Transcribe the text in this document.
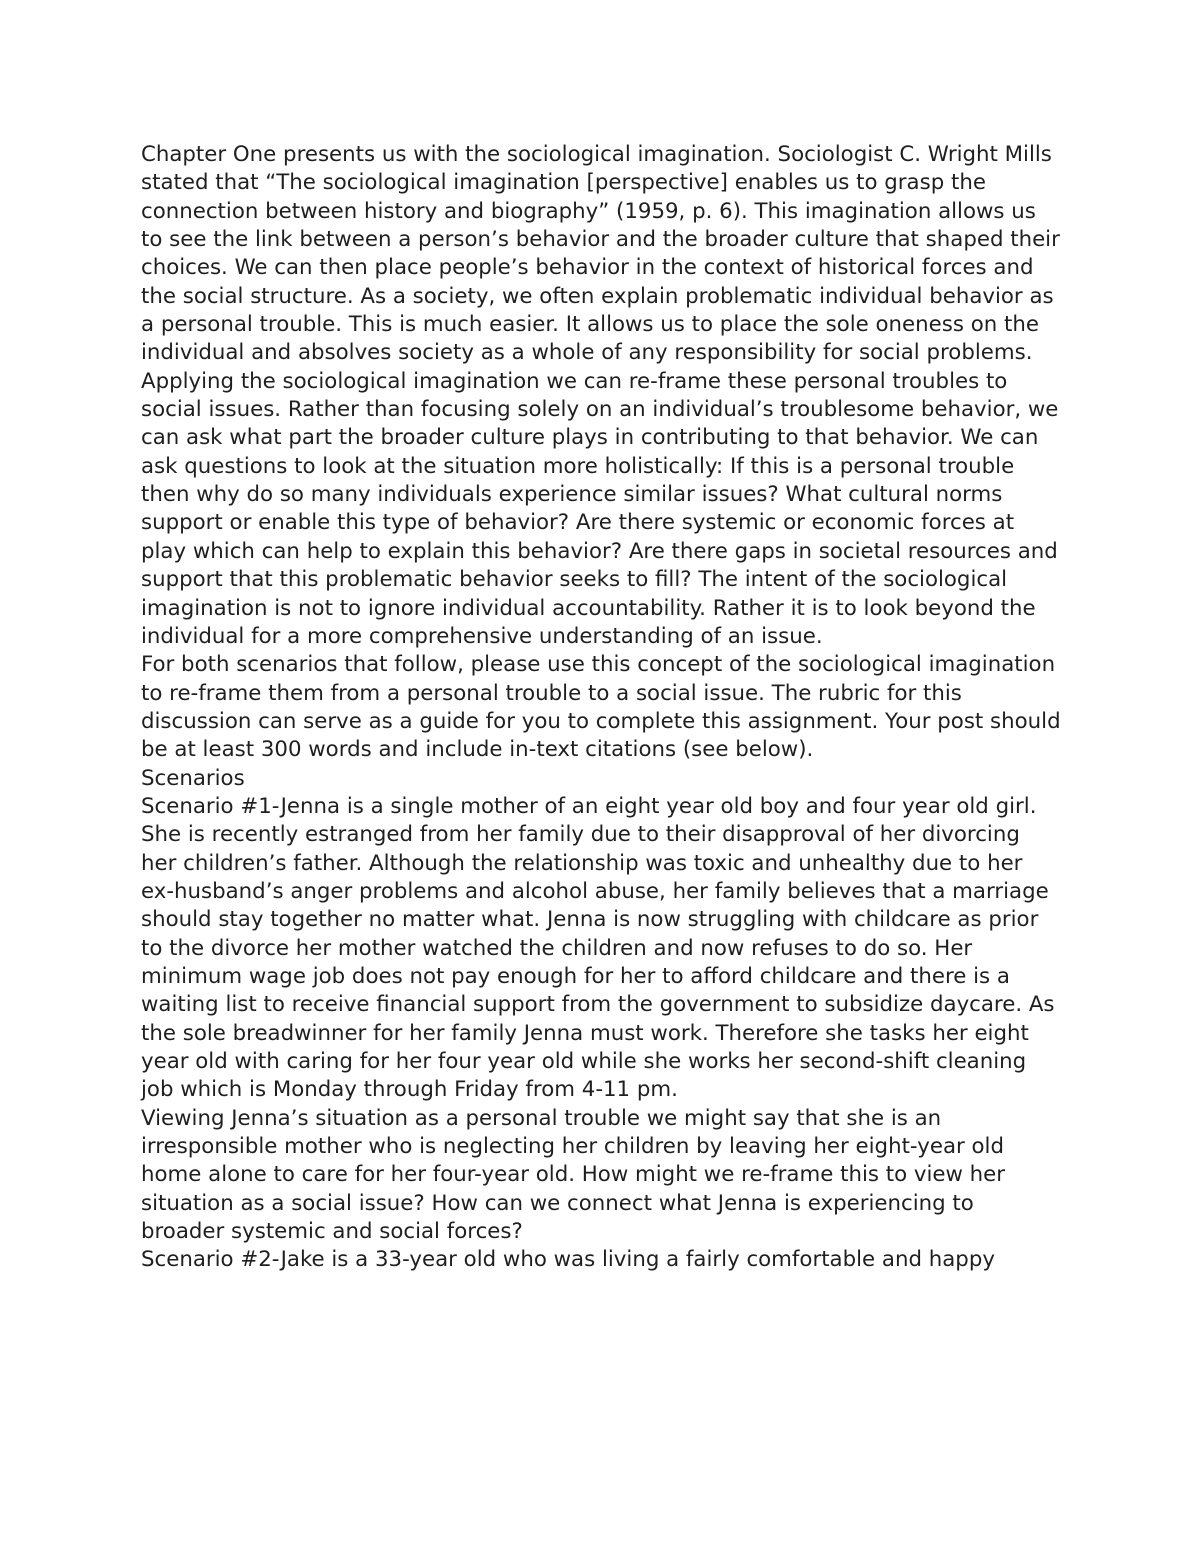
Chapter One presents us with the sociological imagination. Sociologist C. Wright Mills stated that “The sociological imagination [perspective] enables us to grasp the connection between history and biography” (1959, p. 6). This imagination allows us to see the link between a person’s behavior and the broader culture that shaped their choices. We can then place people’s behavior in the context of historical forces and the social structure. As a society, we often explain problematic individual behavior as a personal trouble. This is much easier. It allows us to place the sole oneness on the individual and absolves society as a whole of any responsibility for social problems. Applying the sociological imagination we can re-frame these personal troubles to social issues. Rather than focusing solely on an individual’s troublesome behavior, we can ask what part the broader culture plays in contributing to that behavior. We can ask questions to look at the situation more holistically: If this is a personal trouble then why do so many individuals experience similar issues? What cultural norms support or enable this type of behavior? Are there systemic or economic forces at play which can help to explain this behavior? Are there gaps in societal resources and support that this problematic behavior seeks to fill? The intent of the sociological imagination is not to ignore individual accountability. Rather it is to look beyond the individual for a more comprehensive understanding of an issue.

For both scenarios that follow, please use this concept of the sociological imagination to re-frame them from a personal trouble to a social issue. The rubric for this discussion can serve as a guide for you to complete this assignment. Your post should be at least 300 words and include in-text citations (see below).

Scenarios

Scenario #1-Jenna is a single mother of an eight year old boy and four year old girl. She is recently estranged from her family due to their disapproval of her divorcing her children’s father. Although the relationship was toxic and unhealthy due to her ex-husband’s anger problems and alcohol abuse, her family believes that a marriage should stay together no matter what. Jenna is now struggling with childcare as prior to the divorce her mother watched the children and now refuses to do so. Her minimum wage job does not pay enough for her to afford childcare and there is a waiting list to receive financial support from the government to subsidize daycare. As the sole breadwinner for her family Jenna must work. Therefore she tasks her eight year old with caring for her four year old while she works her second-shift cleaning job which is Monday through Friday from 4-11 pm.

Viewing Jenna’s situation as a personal trouble we might say that she is an irresponsible mother who is neglecting her children by leaving her eight-year old home alone to care for her four-year old. How might we re-frame this to view her situation as a social issue? How can we connect what Jenna is experiencing to broader systemic and social forces?

Scenario #2-Jake is a 33-year old who was living a fairly comfortable and happy
